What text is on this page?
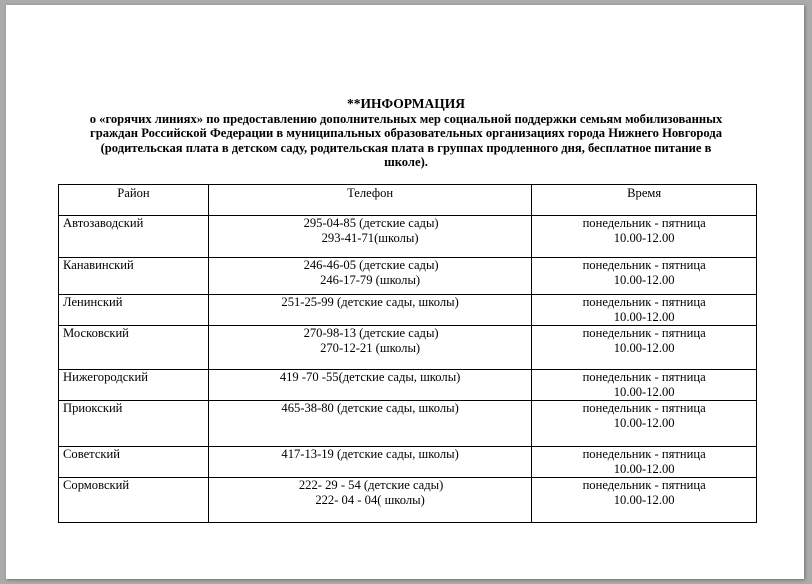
**ИНФОРМАЦИЯ
о «горячих линиях» по предоставлению дополнительных мер социальной поддержки семьям мобилизованных
граждан Российской Федерации в муниципальных образовательных организациях города Нижнего Новгорода
(родительская плата в детском саду, родительская плата в группах продленного дня, бесплатное питание в
школе).
Район	Телефон	Время
Автозаводский	295-04-85 (детские сады)
293-41-71(школы)	понедельник - пятница
10.00-12.00

Канавинский	246-46-05 (детские сады)
246-17-79 (школы)	понедельник - пятница
10.00-12.00

Ленинский	251-25-99 (детские сады, школы)	понедельник - пятница
10.00-12.00

Московский	270-98-13 (детские сады)
270-12-21 (школы)	понедельник - пятница
10.00-12.00

Нижегородский	419 -70 -55(детские сады, школы)	понедельник - пятница
10.00-12.00

Приокский	465-38-80 (детские сады, школы)	понедельник - пятница
10.00-12.00

Советский	417-13-19 (детские сады, школы)	понедельник - пятница
10.00-12.00

Сормовский	222- 29 - 54 (детские сады)
222- 04 - 04( школы)	понедельник - пятница
10.00-12.00
